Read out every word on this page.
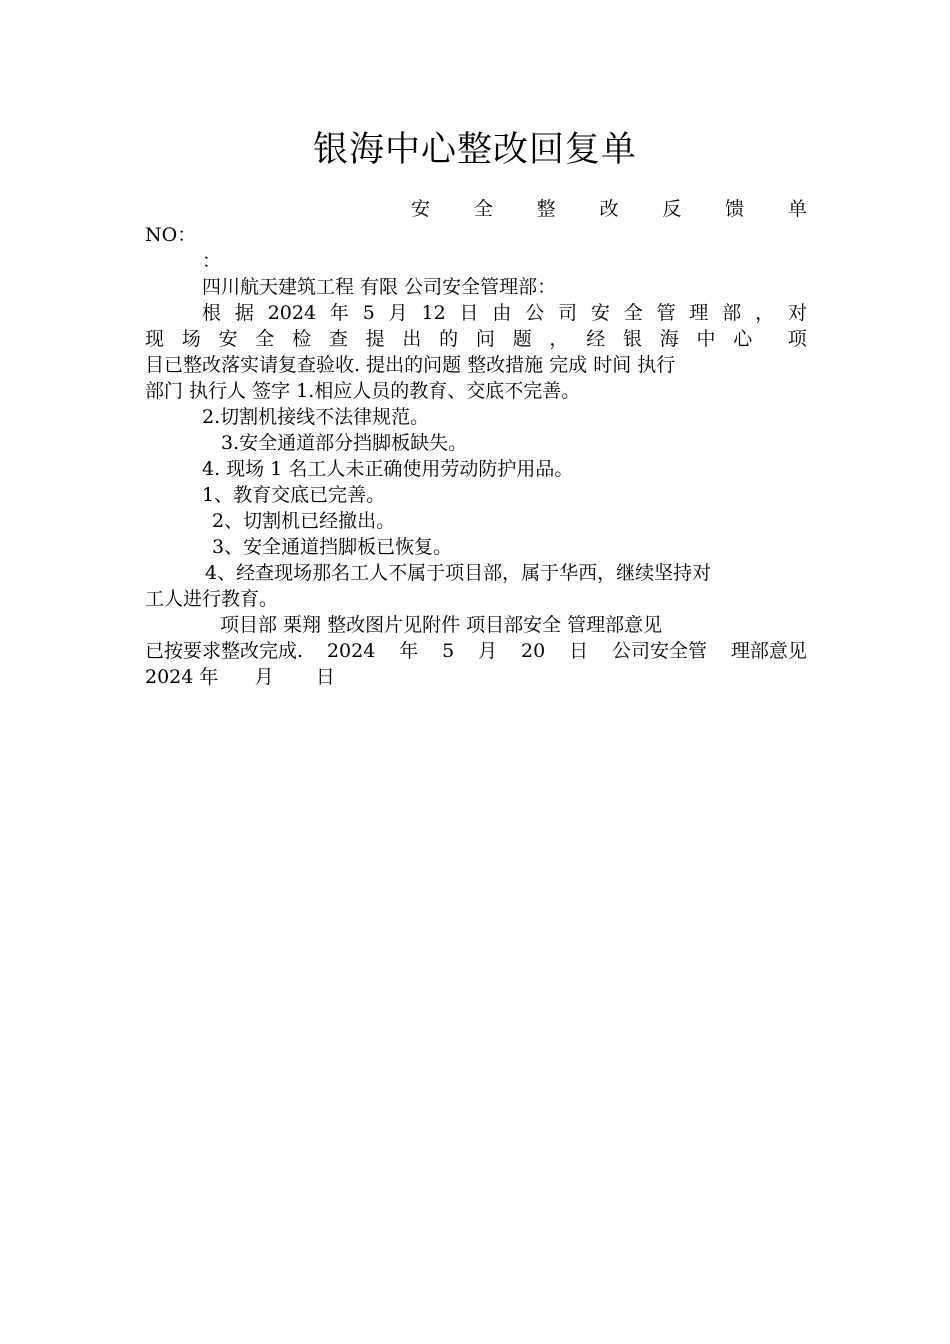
银海中心整改回复单
安 全 整 改 反 馈 单
NO：
：
四川航天建筑工程 有限 公司安全管理部：
根 据 2024 年 5 月 12 日 由 公 司 安 全 管 理 部 ， 对
现 场 安 全 检 查 提 出 的 问 题 ， 经 银 海 中 心 项
目已整改落实请复查验收. 提出的问题 整改措施 完成 时间 执行
部门 执行人 签字 1.相应人员的教育、交底不完善。
2.切割机接线不法律规范。
3.安全通道部分挡脚板缺失。
4. 现场 1 名工人未正确使用劳动防护用品。
1、教育交底已完善。
2、切割机已经撤出。
3、安全通道挡脚板已恢复。
4、经查现场那名工人不属于项目部，属于华西，继续坚持对
工人进行教育。
项目部 栗翔 整改图片见附件 项目部安全 管理部意见
已按要求整改完成. 2024 年 5 月 20 日 公司安全管 理部意见
2024 年      月       日
